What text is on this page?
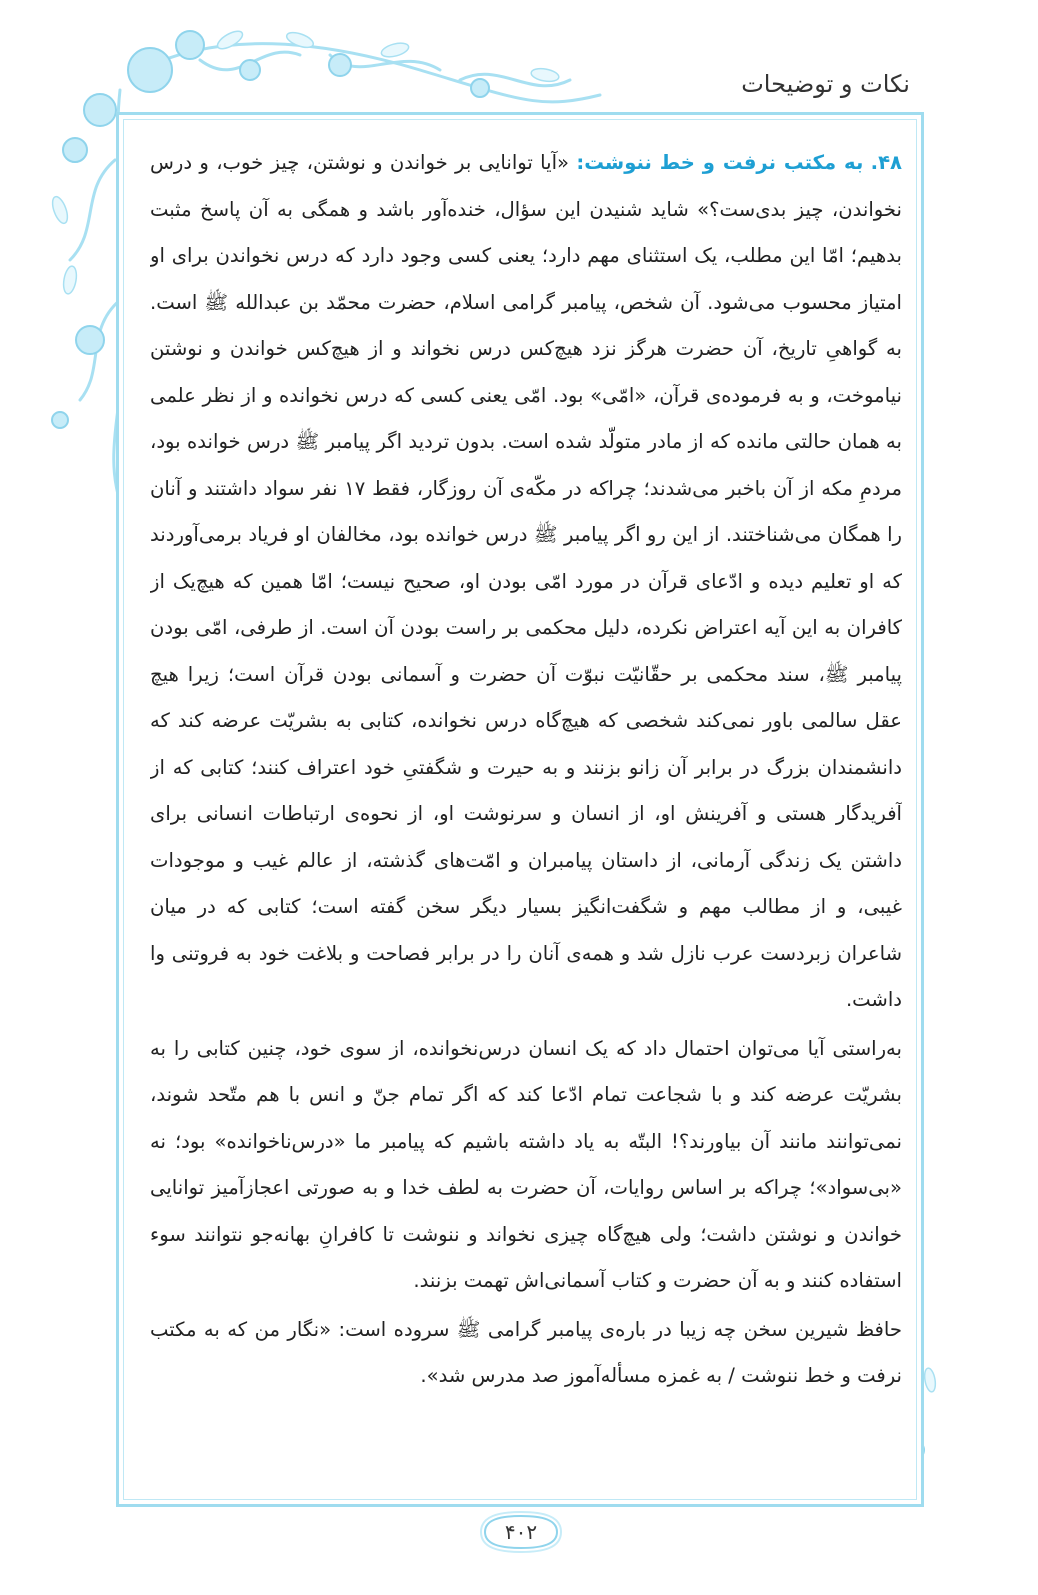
نکات و توضیحات

۴۸. به مکتب نرفت و خط ننوشت: «آیا توانایی بر خواندن و نوشتن، چیز خوب، و درس نخواندن، چیز بدی‌ست؟» شاید شنیدن این سؤال، خنده‌آور باشد و همگی به آن پاسخ مثبت بدهیم؛ امّا این مطلب، یک استثنای مهم دارد؛ یعنی کسی وجود دارد که درس نخواندن برای او امتیاز محسوب می‌شود. آن شخص، پیامبر گرامی اسلام، حضرت محمّد بن عبدالله ﷺ است. به گواهیِ تاریخ، آن حضرت هرگز نزد هیچ‌کس درس نخواند و از هیچ‌کس خواندن و نوشتن نیاموخت، و به فرموده‌ی قرآن، «امّی» بود. امّی یعنی کسی که درس نخوانده و از نظر علمی به همان حالتی مانده که از مادر متولّد شده است. بدون تردید اگر پیامبر ﷺ درس خوانده بود، مردمِ مکه از آن باخبر می‌شدند؛ چراکه در مکّه‌ی آن روزگار، فقط ۱۷ نفر سواد داشتند و آنان را همگان می‌شناختند. از این رو اگر پیامبر ﷺ درس خوانده بود، مخالفان او فریاد برمی‌آوردند که او تعلیم دیده و ادّعای قرآن در مورد امّی بودن او، صحیح نیست؛ امّا همین که هیچ‌یک از کافران به این آیه اعتراض نکرده، دلیل محکمی بر راست بودن آن است. از طرفی، امّی بودن پیامبر ﷺ، سند محکمی بر حقّانیّت نبوّت آن حضرت و آسمانی بودن قرآن است؛ زیرا هیچ عقل سالمی باور نمی‌کند شخصی که هیچ‌گاه درس نخوانده، کتابی به بشریّت عرضه کند که دانشمندان بزرگ در برابر آن زانو بزنند و به حیرت و شگفتیِ خود اعتراف کنند؛ کتابی که از آفریدگار هستی و آفرینش او، از انسان و سرنوشت او، از نحوه‌ی ارتباطات انسانی برای داشتن یک زندگی آرمانی، از داستان پیامبران و امّت‌های گذشته، از عالم غیب و موجودات غیبی، و از مطالب مهم و شگفت‌انگیز بسیار دیگر سخن گفته است؛ کتابی که در میان شاعران زبردست عرب نازل شد و همه‌ی آنان را در برابر فصاحت و بلاغت خود به فروتنی وا داشت.

به‌راستی آیا می‌توان احتمال داد که یک انسان درس‌نخوانده، از سوی خود، چنین کتابی را به بشریّت عرضه کند و با شجاعت تمام ادّعا کند که اگر تمام جنّ و انس با هم متّحد شوند، نمی‌توانند مانند آن بیاورند؟! البتّه به یاد داشته باشیم که پیامبر ما «درس‌ناخوانده» بود؛ نه «بی‌سواد»؛ چراکه بر اساس روایات، آن حضرت به لطف خدا و به صورتی اعجازآمیز توانایی خواندن و نوشتن داشت؛ ولی هیچ‌گاه چیزی نخواند و ننوشت تا کافرانِ بهانه‌جو نتوانند سوء استفاده کنند و به آن حضرت و کتاب آسمانی‌اش تهمت بزنند.

حافظ شیرین سخن چه زیبا در باره‌ی پیامبر گرامی ﷺ سروده است: «نگار من که به مکتب نرفت و خط ننوشت / به غمزه مسأله‌آموز صد مدرس شد».

۴۰۲
